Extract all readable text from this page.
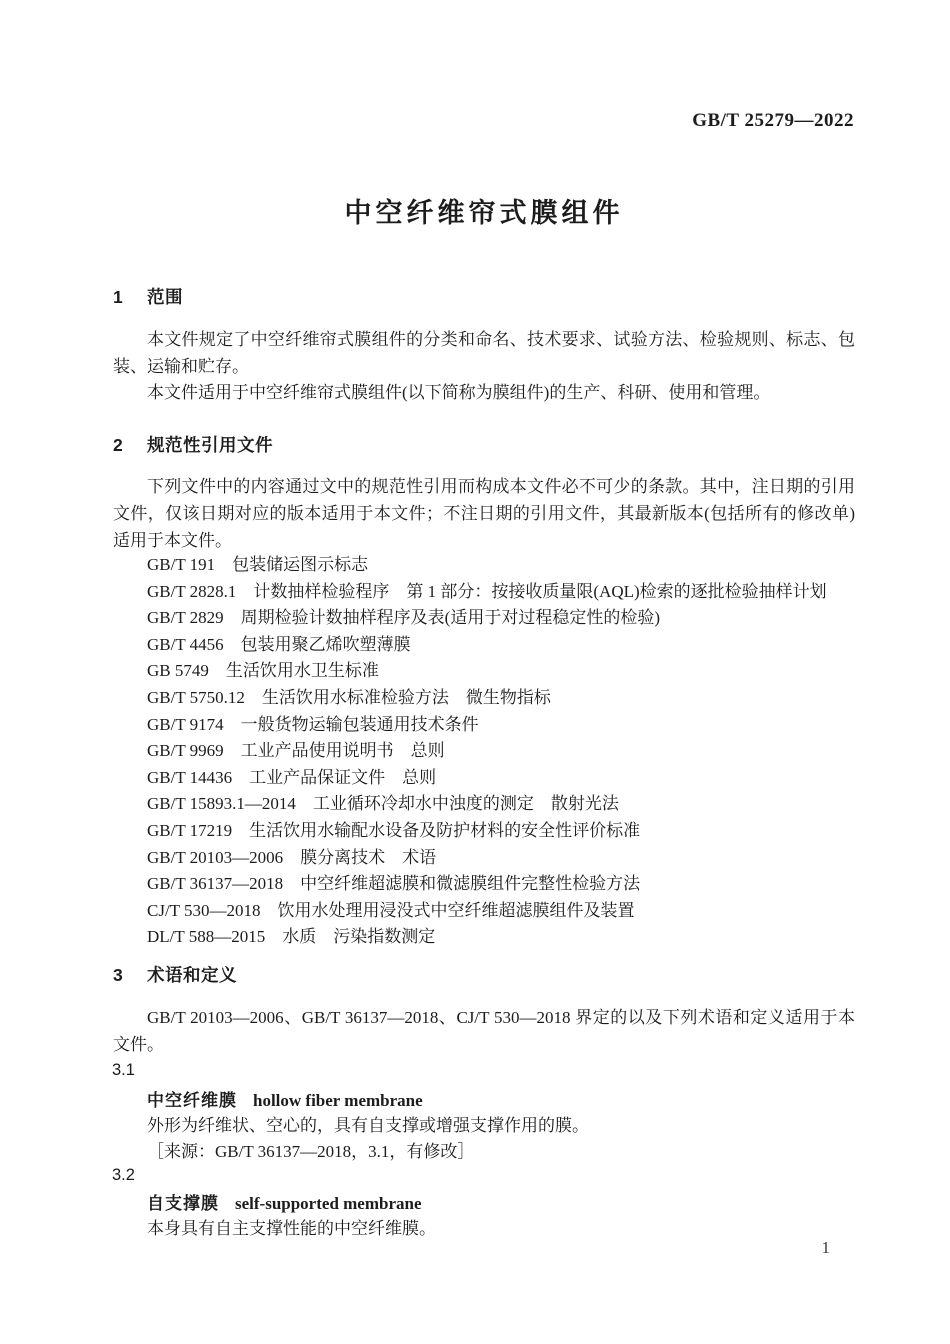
GB/T 25279—2022
中空纤维帘式膜组件
1 范围
本文件规定了中空纤维帘式膜组件的分类和命名、技术要求、试验方法、检验规则、标志、包装、运输和贮存。
本文件适用于中空纤维帘式膜组件(以下简称为膜组件)的生产、科研、使用和管理。
2 规范性引用文件
下列文件中的内容通过文中的规范性引用而构成本文件必不可少的条款。其中，注日期的引用文件，仅该日期对应的版本适用于本文件；不注日期的引用文件，其最新版本(包括所有的修改单)适用于本文件。
GB/T 191　包装储运图示标志
GB/T 2828.1　计数抽样检验程序　第 1 部分：按接收质量限(AQL)检索的逐批检验抽样计划
GB/T 2829　周期检验计数抽样程序及表(适用于对过程稳定性的检验)
GB/T 4456　包装用聚乙烯吹塑薄膜
GB 5749　生活饮用水卫生标准
GB/T 5750.12　生活饮用水标准检验方法　微生物指标
GB/T 9174　一般货物运输包装通用技术条件
GB/T 9969　工业产品使用说明书　总则
GB/T 14436　工业产品保证文件　总则
GB/T 15893.1—2014　工业循环冷却水中浊度的测定　散射光法
GB/T 17219　生活饮用水输配水设备及防护材料的安全性评价标准
GB/T 20103—2006　膜分离技术　术语
GB/T 36137—2018　中空纤维超滤膜和微滤膜组件完整性检验方法
CJ/T 530—2018　饮用水处理用浸没式中空纤维超滤膜组件及装置
DL/T 588—2015　水质　污染指数测定
3 术语和定义
GB/T 20103—2006、GB/T 36137—2018、CJ/T 530—2018 界定的以及下列术语和定义适用于本文件。
3.1
中空纤维膜 hollow fiber membrane
外形为纤维状、空心的，具有自支撑或增强支撑作用的膜。
［来源：GB/T 36137—2018，3.1，有修改］
3.2
自支撑膜 self-supported membrane
本身具有自主支撑性能的中空纤维膜。
1
